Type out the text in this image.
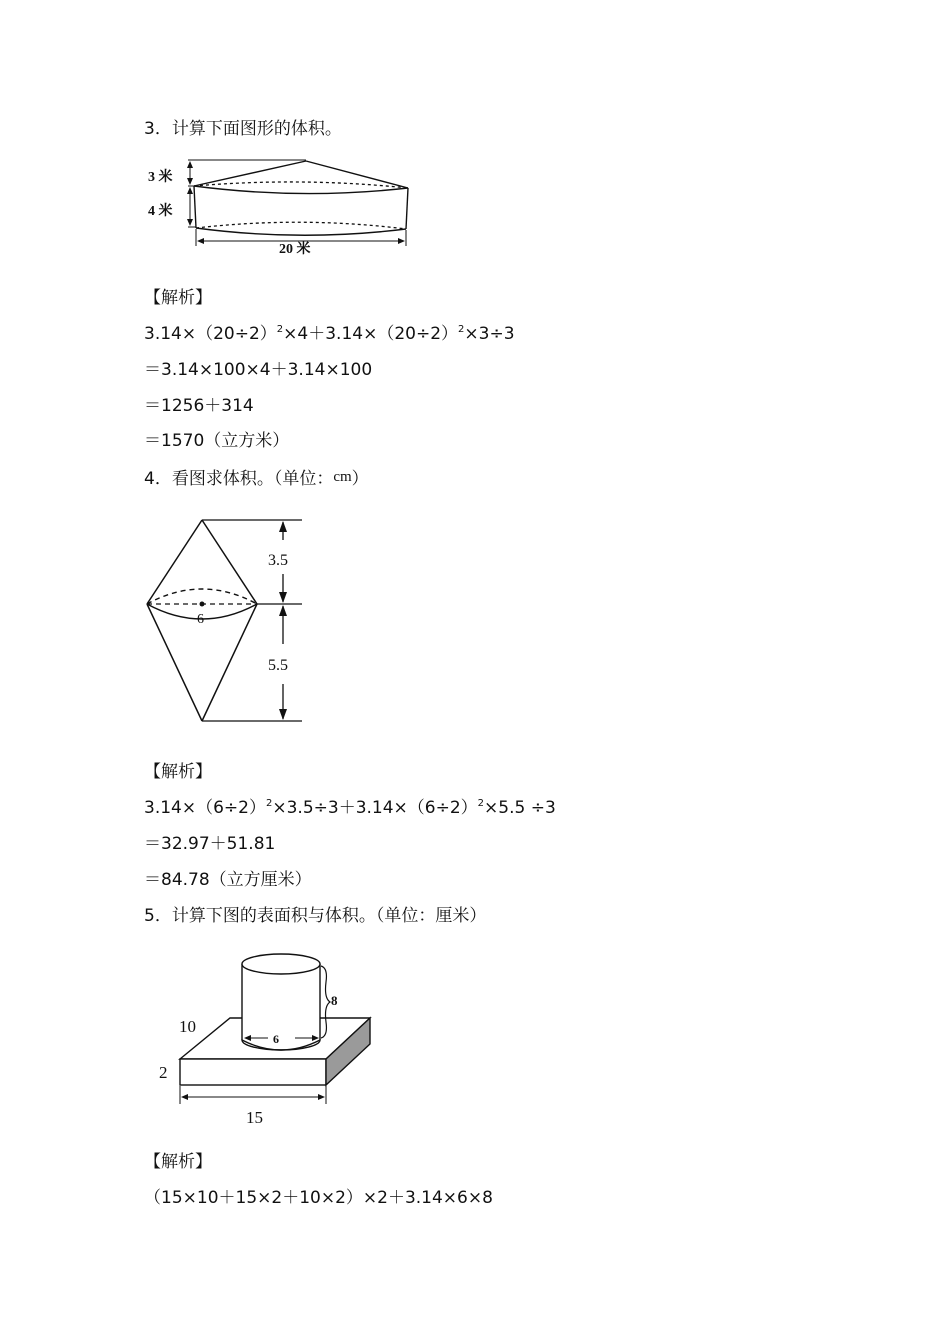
3．计算下面图形的体积。
3 米
4 米
20 米
【解析】
$3.14\times(20\div 2)^2\times 4+3.14\times(20\div 2)^2\times 3\div 3$
＝3.14×100×4＋3.14×100
＝1256＋314
＝1570（立方米）
4．看图求体积。（单位：cm）
3.5
6
5.5
【解析】
$3.14\times(6\div 2)^2\times 3.5\div 3+3.14\times(6\div 2)^2\times 5.5 \div 3$
＝32.97＋51.81
＝84.78（立方厘米）
5．计算下图的表面积与体积。（单位：厘米）
6
8
10
2
15
【解析】
（15×10＋15×2＋10×2）×2＋3.14×6×8
